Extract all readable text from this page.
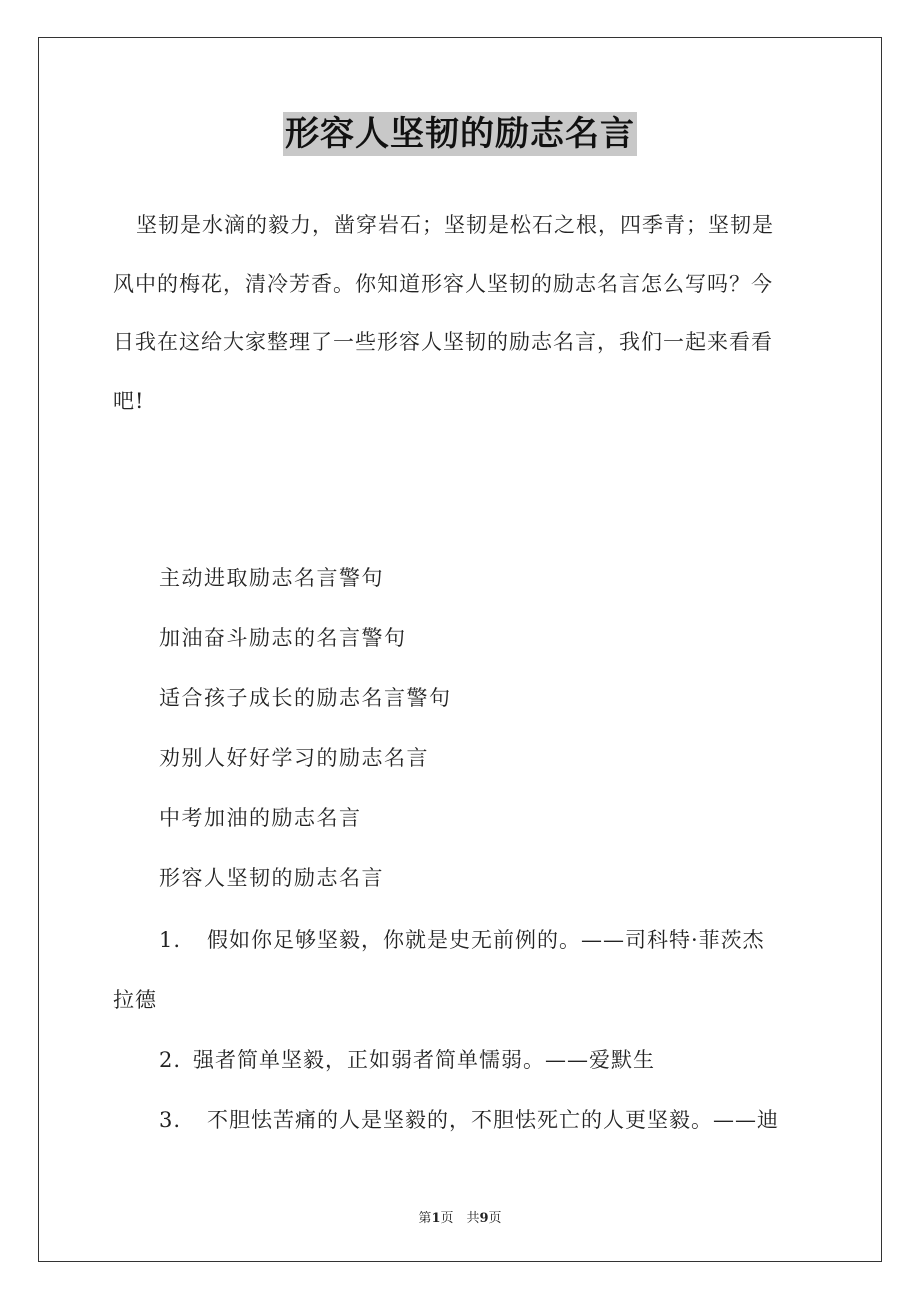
形容人坚韧的励志名言
坚韧是水滴的毅力，凿穿岩石；坚韧是松石之根，四季青；坚韧是
风中的梅花，清冷芳香。你知道形容人坚韧的励志名言怎么写吗？今
日我在这给大家整理了一些形容人坚韧的励志名言，我们一起来看看
吧!
主动进取励志名言警句
加油奋斗励志的名言警句
适合孩子成长的励志名言警句
劝别人好好学习的励志名言
中考加油的励志名言
形容人坚韧的励志名言
1. 假如你足够坚毅，你就是史无前例的。——司科特·菲茨杰
拉德
2. 强者简单坚毅，正如弱者简单懦弱。——爱默生
3. 不胆怯苦痛的人是坚毅的，不胆怯死亡的人更坚毅。——迪
第1页　共9页
